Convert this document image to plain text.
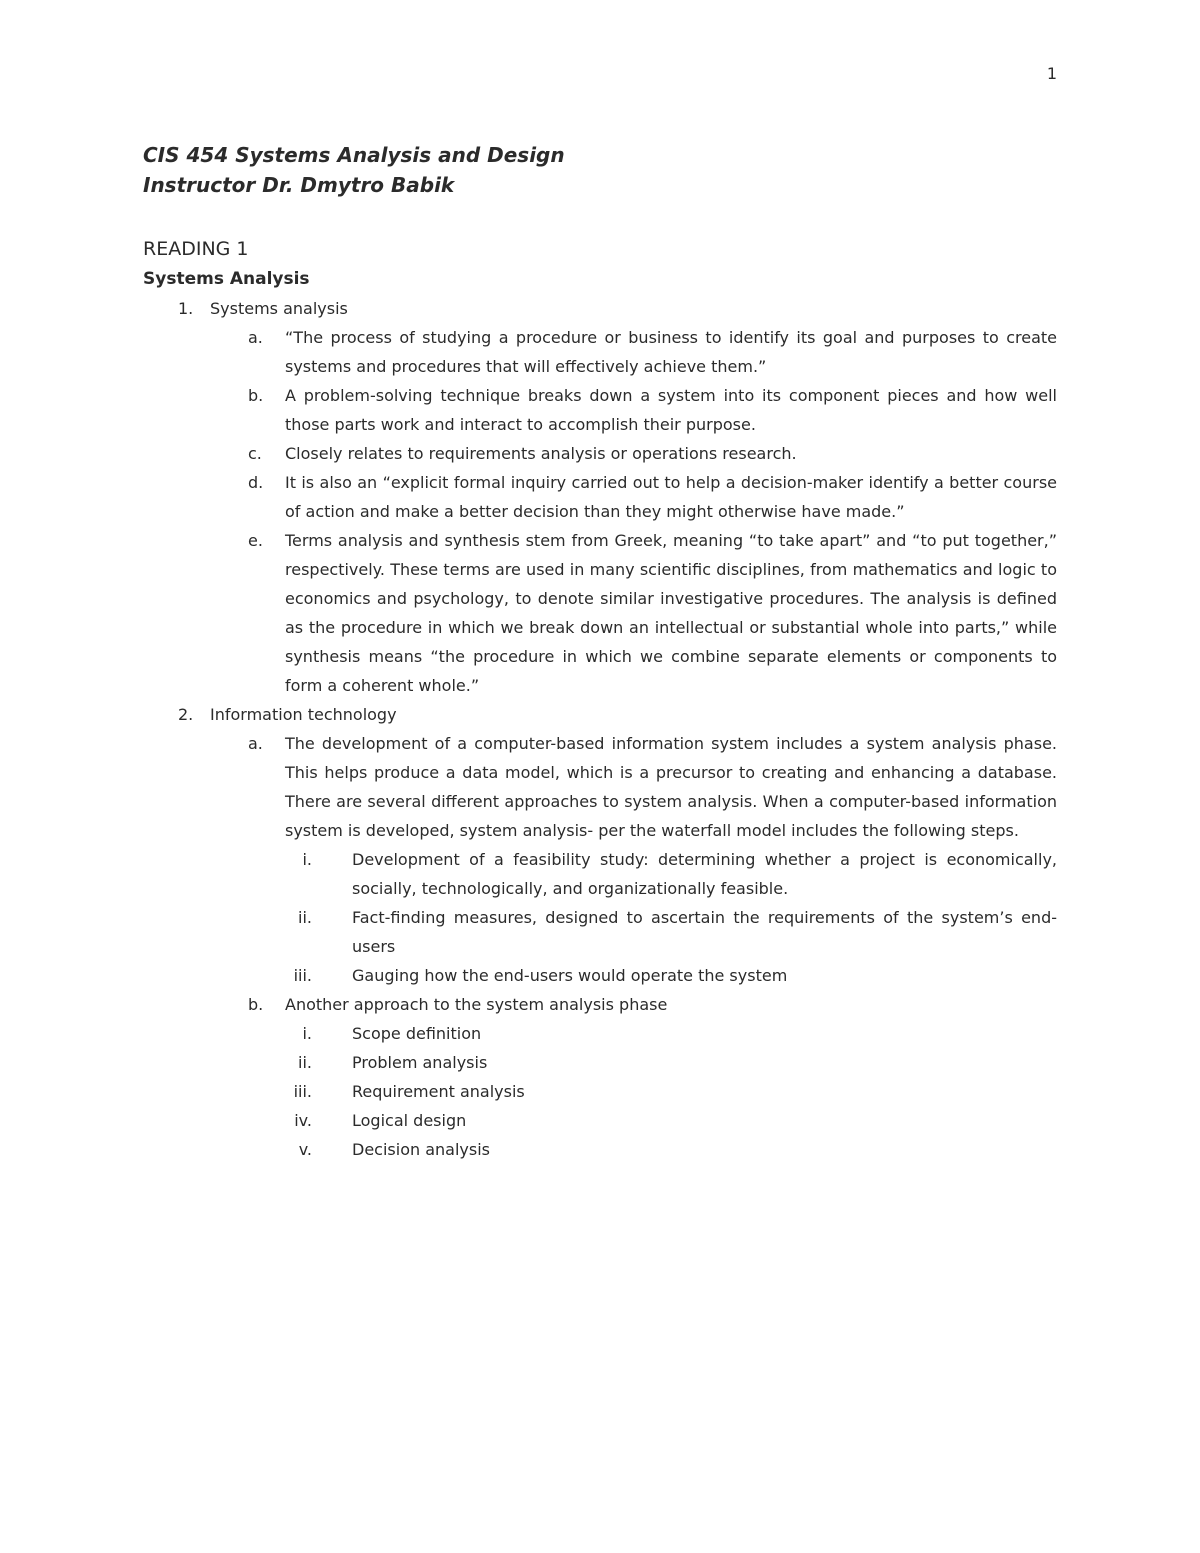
1
CIS 454 Systems Analysis and Design
Instructor Dr. Dmytro Babik
READING 1
Systems Analysis
1.	Systems analysis
a.	“The process of studying a procedure or business to identify its goal and purposes to create systems and procedures that will effectively achieve them.”
b.	A problem-solving technique breaks down a system into its component pieces and how well those parts work and interact to accomplish their purpose.
c.	Closely relates to requirements analysis or operations research.
d.	It is also an “explicit formal inquiry carried out to help a decision-maker identify a better course of action and make a better decision than they might otherwise have made.”
e.	Terms analysis and synthesis stem from Greek, meaning “to take apart” and “to put together,” respectively. These terms are used in many scientific disciplines, from mathematics and logic to economics and psychology, to denote similar investigative procedures. The analysis is defined as the procedure in which we break down an intellectual or substantial whole into parts,” while synthesis means “the procedure in which we combine separate elements or components to form a coherent whole.”
2.	Information technology
a.	The development of a computer-based information system includes a system analysis phase. This helps produce a data model, which is a precursor to creating and enhancing a database. There are several different approaches to system analysis. When a computer-based information system is developed, system analysis- per the waterfall model includes the following steps.
i.	Development of a feasibility study: determining whether a project is economically, socially, technologically, and organizationally feasible.
ii.	Fact-finding measures, designed to ascertain the requirements of the system’s end-users
iii.	Gauging how the end-users would operate the system
b.	Another approach to the system analysis phase
i.	Scope definition
ii.	Problem analysis
iii.	Requirement analysis
iv.	Logical design
v.	Decision analysis
